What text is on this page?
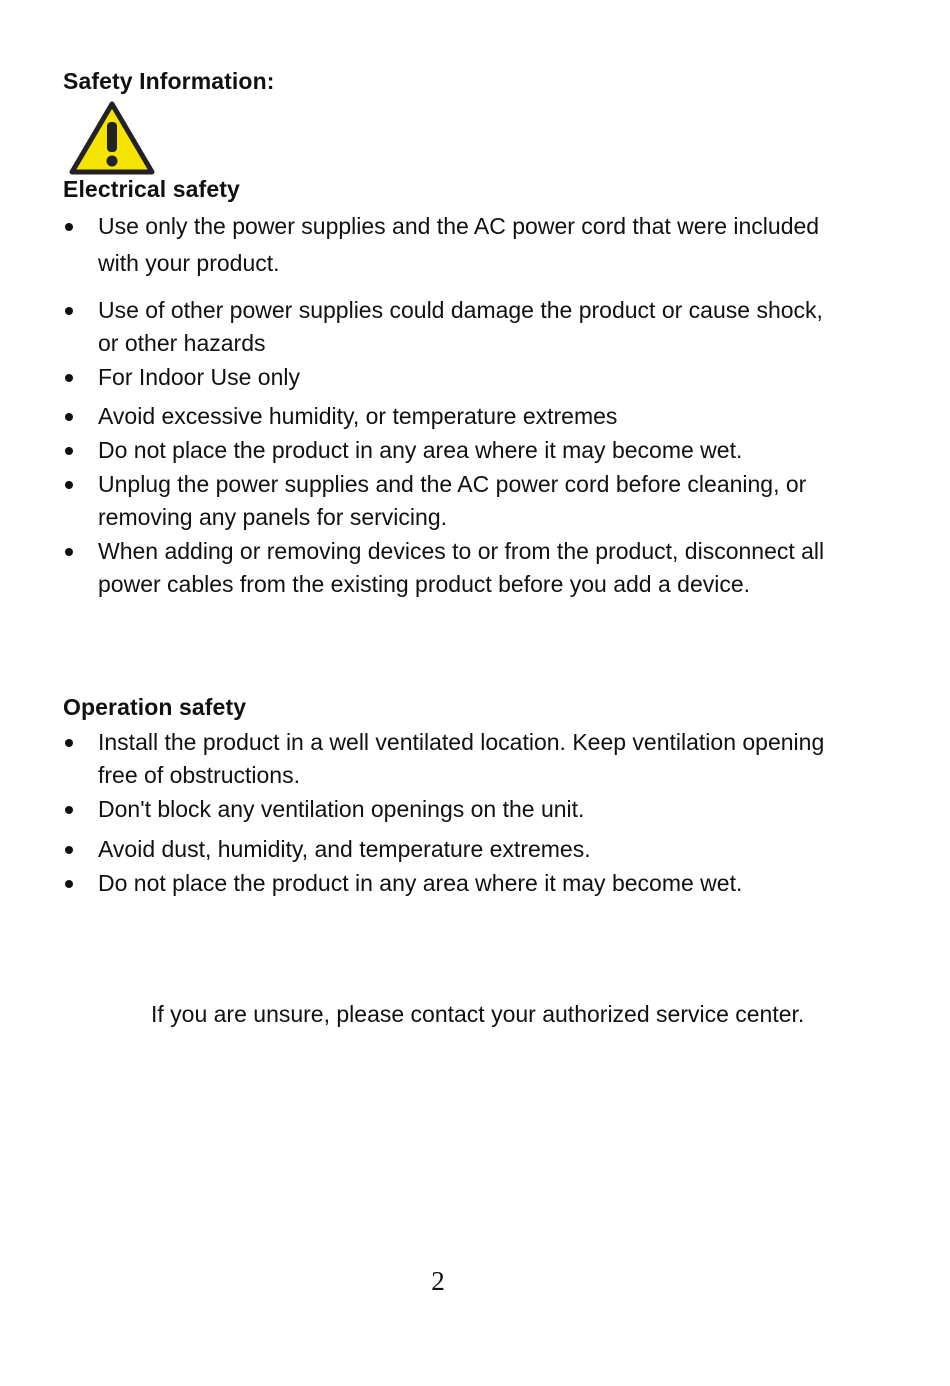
Safety Information:
Electrical safety
Use only the power supplies and the AC power cord that were included with your product.
Use of other power supplies could damage the product or cause shock, or other hazards
For Indoor Use only
Avoid excessive humidity, or temperature extremes
Do not place the product in any area where it may become wet.
Unplug the power supplies and the AC power cord before cleaning, or removing any panels for servicing.
When adding or removing devices to or from the product, disconnect all power cables from the existing product before you add a device.
Operation safety
Install the product in a well ventilated location. Keep ventilation opening free of obstructions.
Don't block any ventilation openings on the unit.
Avoid dust, humidity, and temperature extremes.
Do not place the product in any area where it may become wet.

If you are unsure, please contact your authorized service center.

2
